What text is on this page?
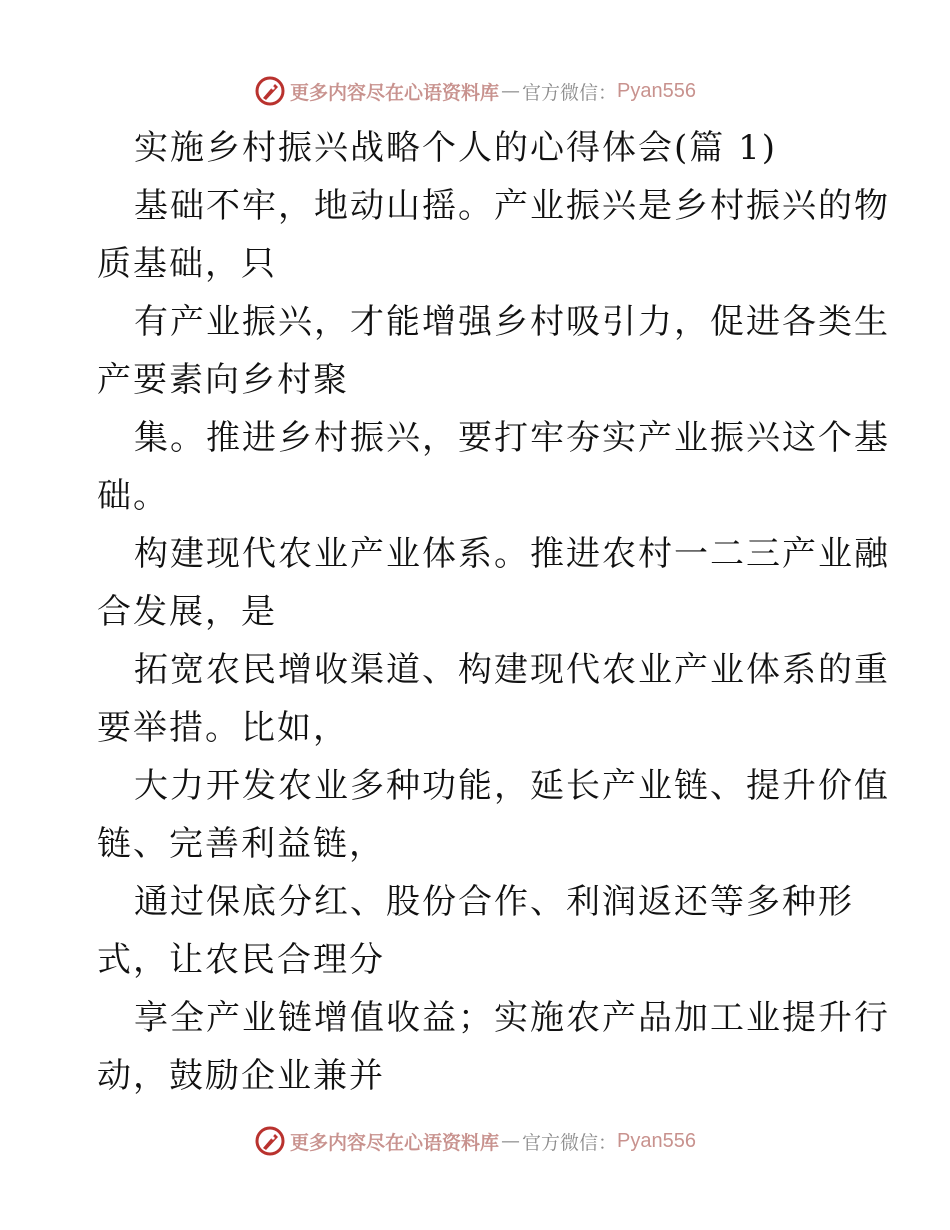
更多内容尽在心语资料库 — 官方微信： Pyan556
实施乡村振兴战略个人的心得体会(篇 1)
基础不牢，地动山摇。产业振兴是乡村振兴的物
质基础，只
有产业振兴，才能增强乡村吸引力，促进各类生
产要素向乡村聚
集。推进乡村振兴，要打牢夯实产业振兴这个基
础。
构建现代农业产业体系。推进农村一二三产业融
合发展，是
拓宽农民增收渠道、构建现代农业产业体系的重
要举措。比如，
大力开发农业多种功能，延长产业链、提升价值
链、完善利益链，
通过保底分红、股份合作、利润返还等多种形
式，让农民合理分
享全产业链增值收益；实施农产品加工业提升行
动，鼓励企业兼并
更多内容尽在心语资料库 — 官方微信： Pyan556
